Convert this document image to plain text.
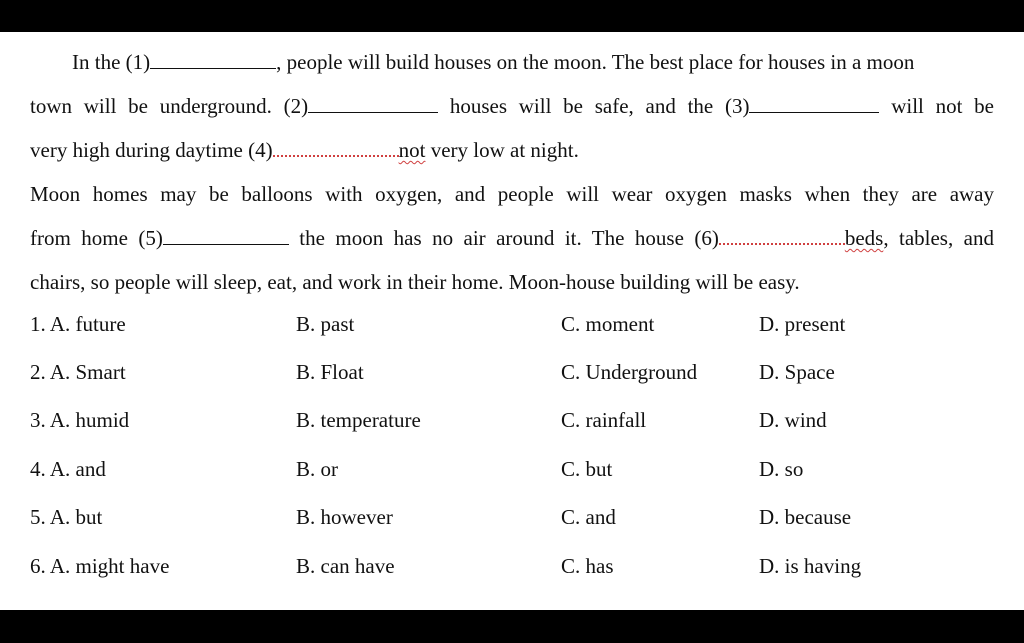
In the (1)	, people will build houses on the moon. The best place for houses in a moon
town will be underground. (2)	houses will be safe, and the (3)	will not be
very high during daytime (4)	not very low at night.
Moon homes may be balloons with oxygen, and people will wear oxygen masks when they are away
from home (5)	the moon has no air around it. The house (6)	beds, tables, and
chairs, so people will sleep, eat, and work in their home. Moon-house building will be easy.
1. A. future	B. past	C. moment	D. present
2. A. Smart	B. Float	C. Underground	D. Space
3. A. humid	B. temperature	C. rainfall	D. wind
4. A. and	B. or	C. but	D. so
5. A. but	B. however	C. and	D. because
6. A. might have	B. can have	C. has	D. is having
